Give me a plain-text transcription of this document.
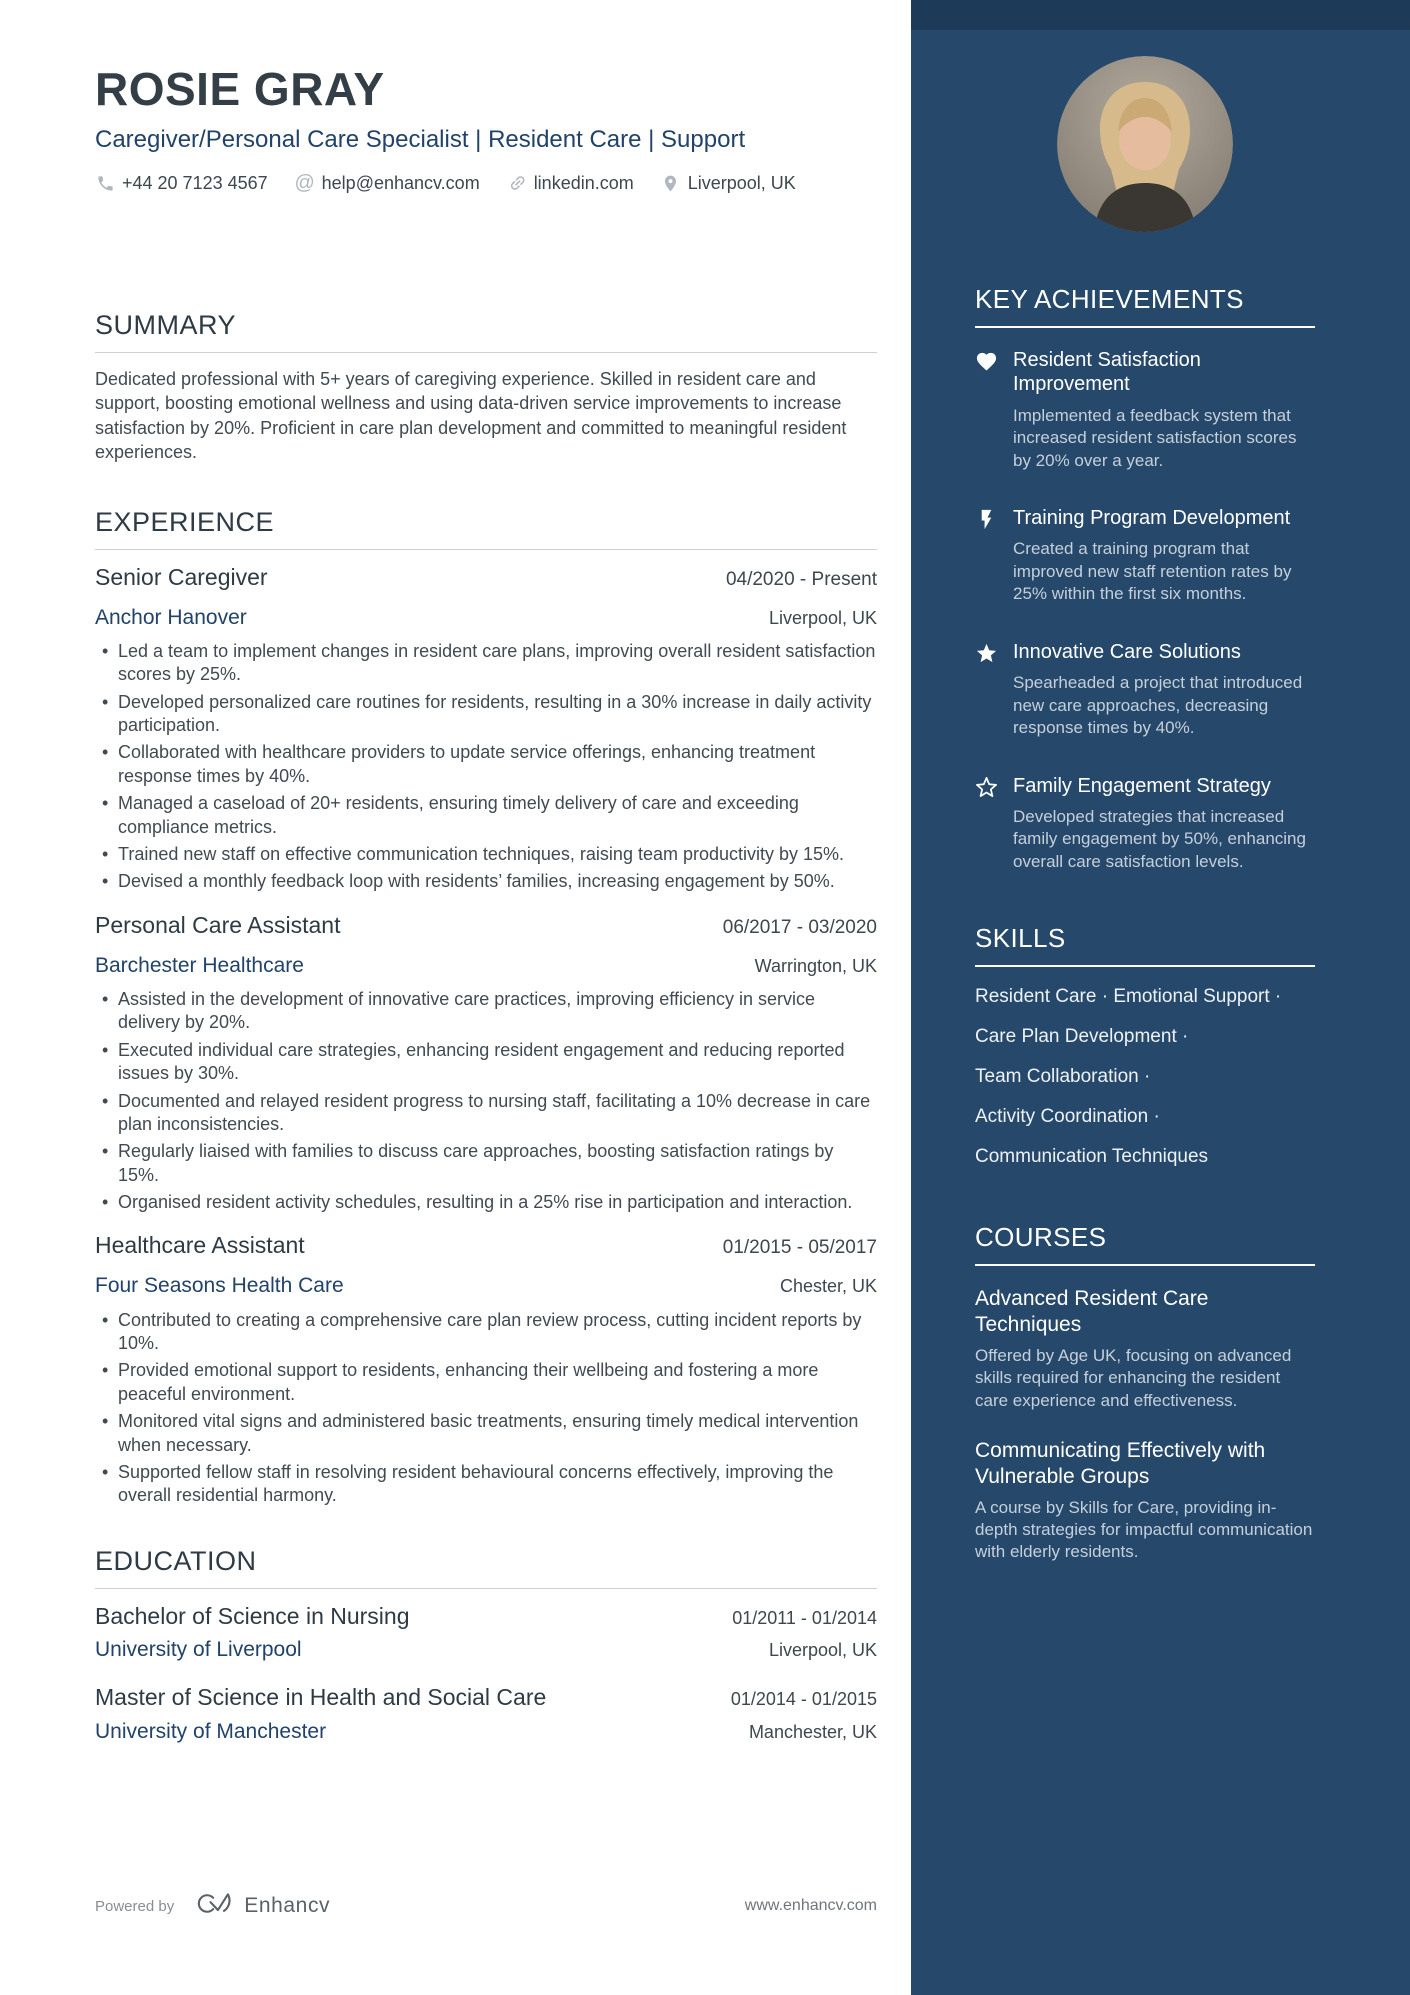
ROSIE GRAY
Caregiver/Personal Care Specialist | Resident Care | Support
+44 20 7123 4567 @ help@enhancv.com	linkedin.com	Liverpool, UK
SUMMARY

Dedicated professional with 5+ years of caregiving experience. Skilled in resident care and support, boosting emotional wellness and using data-driven service improvements to increase satisfaction by 20%. Proficient in care plan development and committed to meaningful resident experiences.

EXPERIENCE
Senior Caregiver	04/2020 - Present
Anchor Hanover	Liverpool, UK
• Led a team to implement changes in resident care plans, improving overall resident satisfaction scores by 25%.
• Developed personalized care routines for residents, resulting in a 30% increase in daily activity participation.
• Collaborated with healthcare providers to update service offerings, enhancing treatment response times by 40%.
• Managed a caseload of 20+ residents, ensuring timely delivery of care and exceeding compliance metrics.
• Trained new staff on effective communication techniques, raising team productivity by 15%.
• Devised a monthly feedback loop with residents’ families, increasing engagement by 50%.
Personal Care Assistant	06/2017 - 03/2020
Barchester Healthcare	Warrington, UK
• Assisted in the development of innovative care practices, improving efficiency in service delivery by 20%.
• Executed individual care strategies, enhancing resident engagement and reducing reported issues by 30%.
• Documented and relayed resident progress to nursing staff, facilitating a 10% decrease in care plan inconsistencies.
• Regularly liaised with families to discuss care approaches, boosting satisfaction ratings by 15%.
• Organised resident activity schedules, resulting in a 25% rise in participation and interaction.
Healthcare Assistant	01/2015 - 05/2017
Four Seasons Health Care	Chester, UK
• Contributed to creating a comprehensive care plan review process, cutting incident reports by 10%.
• Provided emotional support to residents, enhancing their wellbeing and fostering a more peaceful environment.
• Monitored vital signs and administered basic treatments, ensuring timely medical intervention when necessary.
• Supported fellow staff in resolving resident behavioural concerns effectively, improving the overall residential harmony.
EDUCATION
Bachelor of Science in Nursing	01/2011 - 01/2014
University of Liverpool	Liverpool, UK
Master of Science in Health and Social Care	01/2014 - 01/2015
University of Manchester	Manchester, UK
KEY ACHIEVEMENTS

Resident Satisfaction Improvement

Implemented a feedback system that increased resident satisfaction scores by 20% over a year.

Training Program Development

Created a training program that improved new staff retention rates by 25% within the first six months.

Innovative Care Solutions

Spearheaded a project that introduced new care approaches, decreasing response times by 40%.

Family Engagement Strategy

Developed strategies that increased family engagement by 50%, enhancing overall care satisfaction levels.

SKILLS
Resident Care · Emotional Support ·
Care Plan Development ·
Team Collaboration ·
Activity Coordination ·
Communication Techniques
COURSES

Advanced Resident Care Techniques

Offered by Age UK, focusing on advanced skills required for enhancing the resident care experience and effectiveness.

Communicating Effectively with Vulnerable Groups

A course by Skills for Care, providing in-depth strategies for impactful communication with elderly residents.

Powered by	Enhancv	www.enhancv.com
